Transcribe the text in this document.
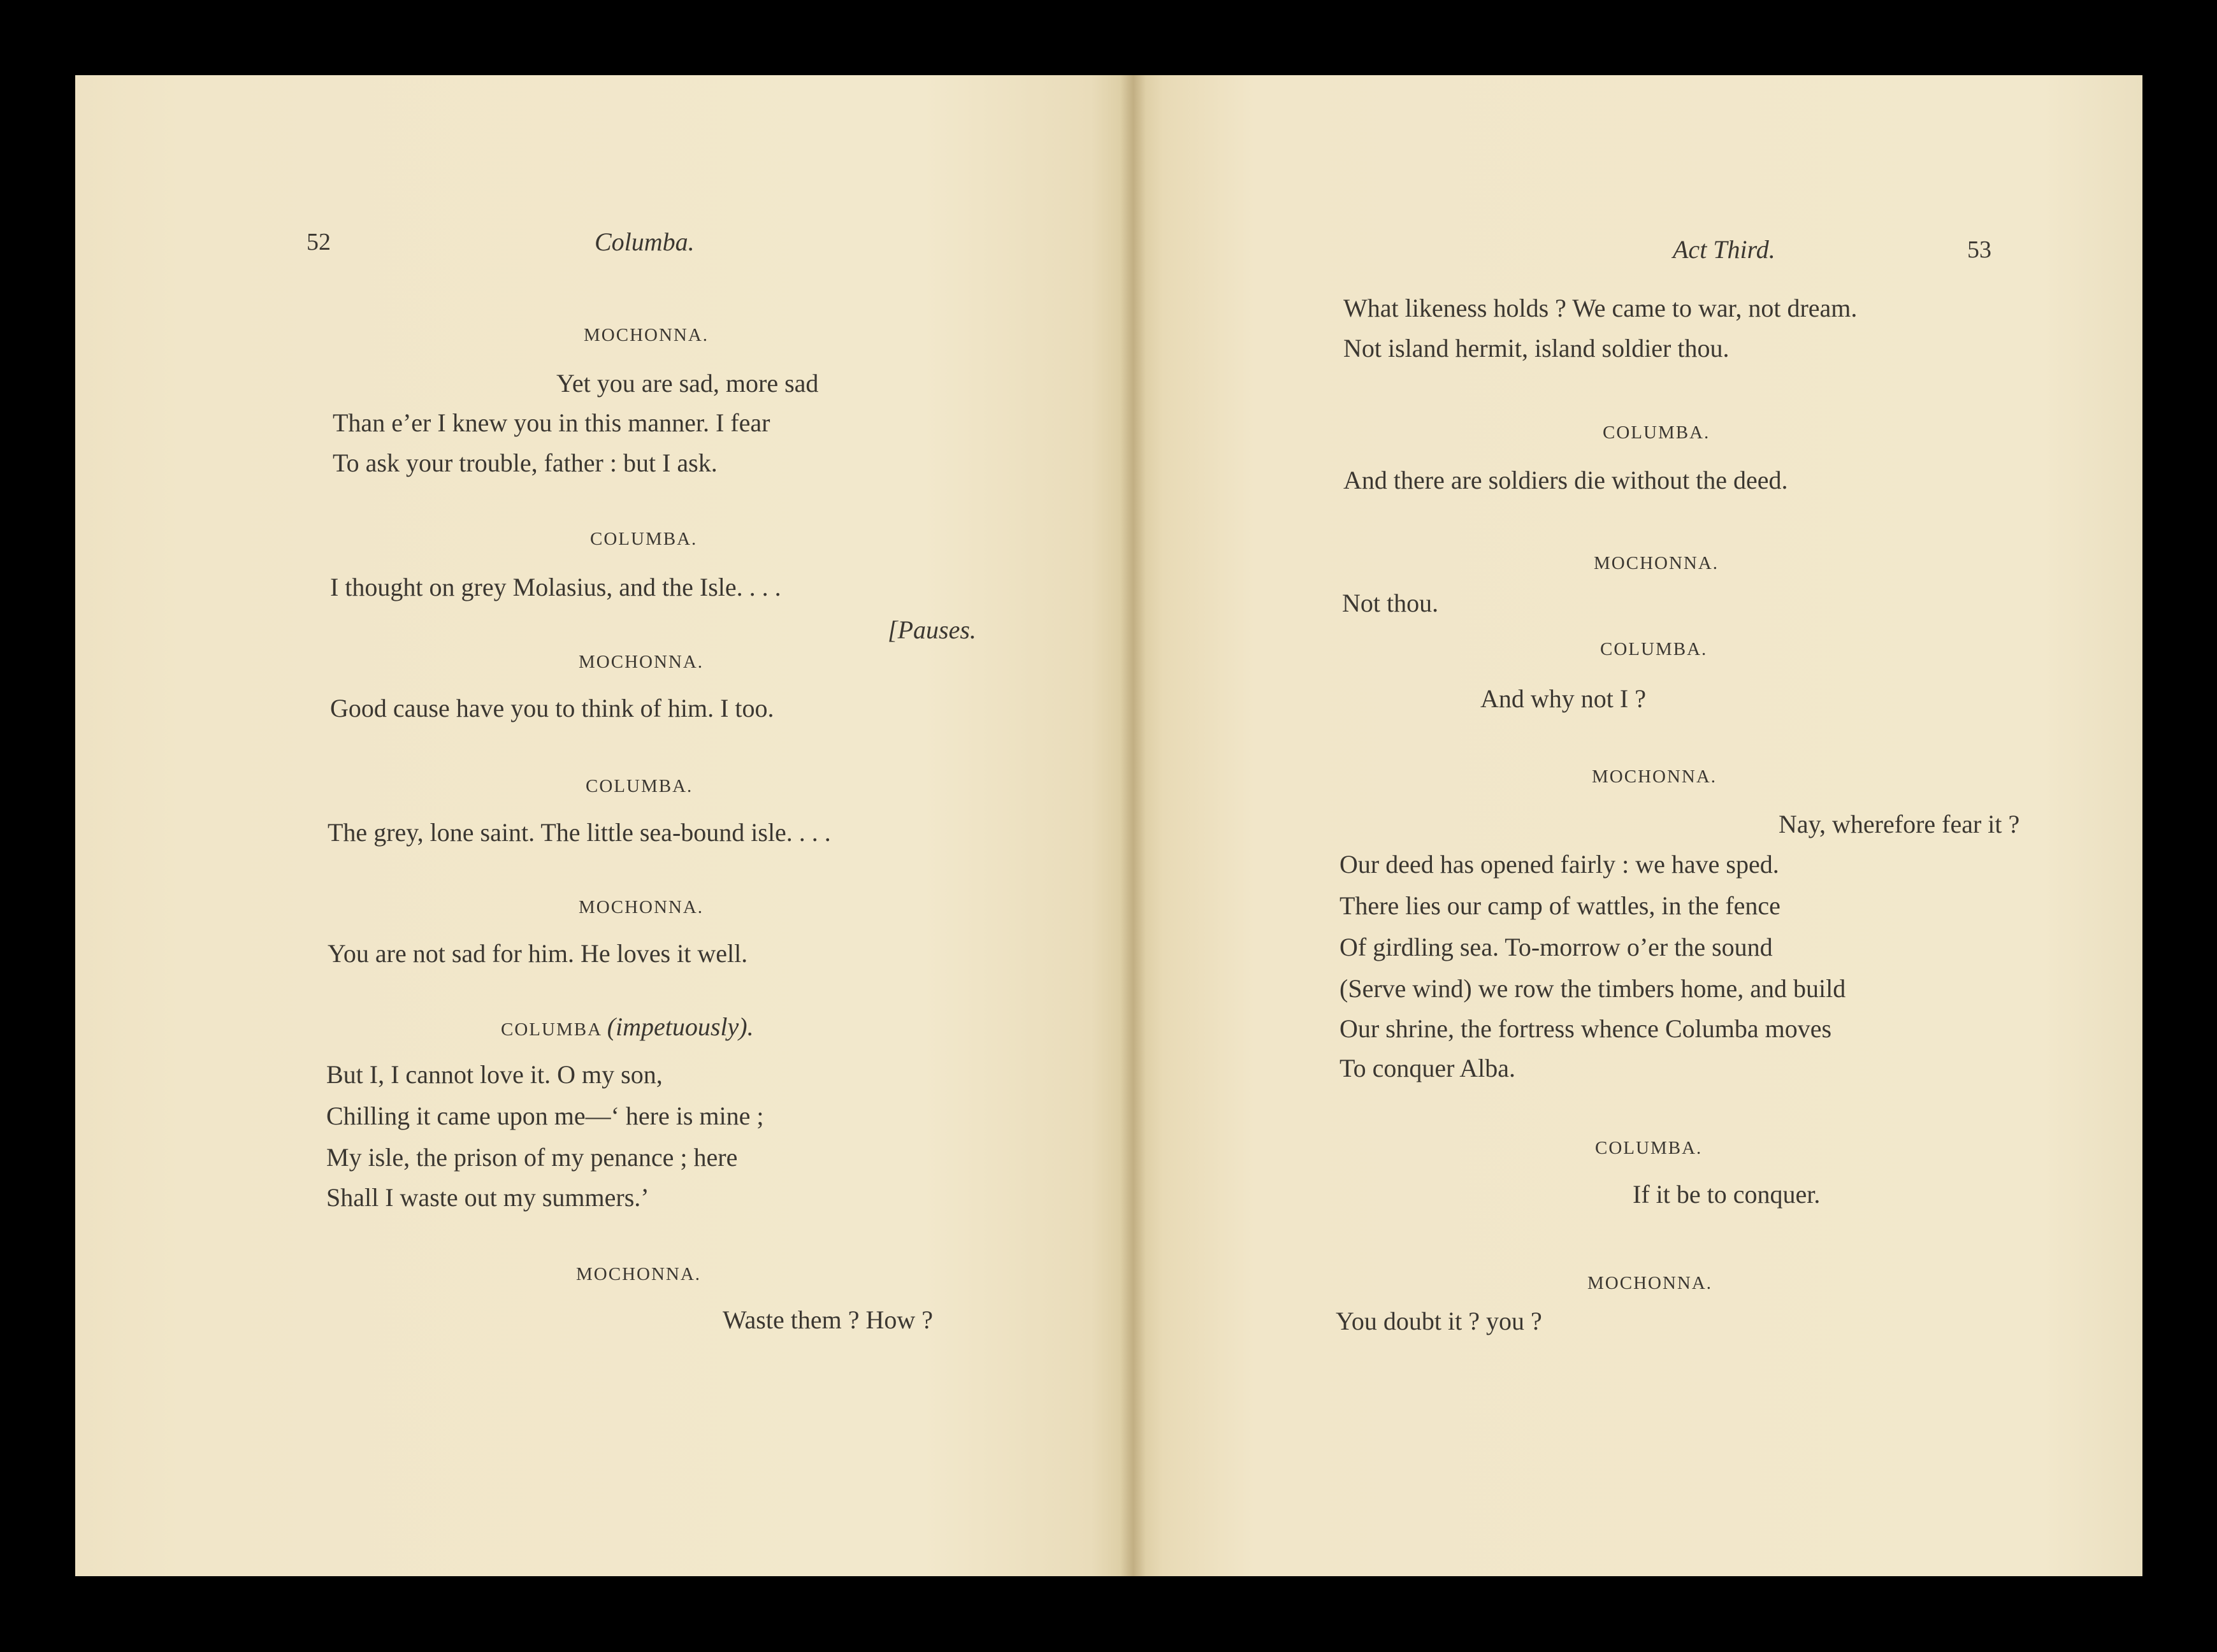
52	Columba.
MOCHONNA.
Yet you are sad, more sad
Than e’er I knew you in this manner. I fear
To ask your trouble, father : but I ask.
COLUMBA.
I thought on grey Molasius, and the Isle. . . .
[Pauses.
MOCHONNA.
Good cause have you to think of him. I too.
COLUMBA.
The grey, lone saint. The little sea-bound isle. . . .
MOCHONNA.
You are not sad for him. He loves it well.
COLUMBA (impetuously).
But I, I cannot love it. O my son,
Chilling it came upon me—‘ here is mine ;
My isle, the prison of my penance ; here
Shall I waste out my summers.’
MOCHONNA.
Waste them ? How ?
Act Third.	53
What likeness holds ? We came to war, not dream.
Not island hermit, island soldier thou.
COLUMBA.
And there are soldiers die without the deed.
MOCHONNA.
Not thou.
COLUMBA.
And why not I ?
MOCHONNA.
Nay, wherefore fear it ?
Our deed has opened fairly : we have sped.
There lies our camp of wattles, in the fence
Of girdling sea. To-morrow o’er the sound
(Serve wind) we row the timbers home, and build
Our shrine, the fortress whence Columba moves
To conquer Alba.
COLUMBA.
If it be to conquer.
MOCHONNA.
You doubt it ? you ?
